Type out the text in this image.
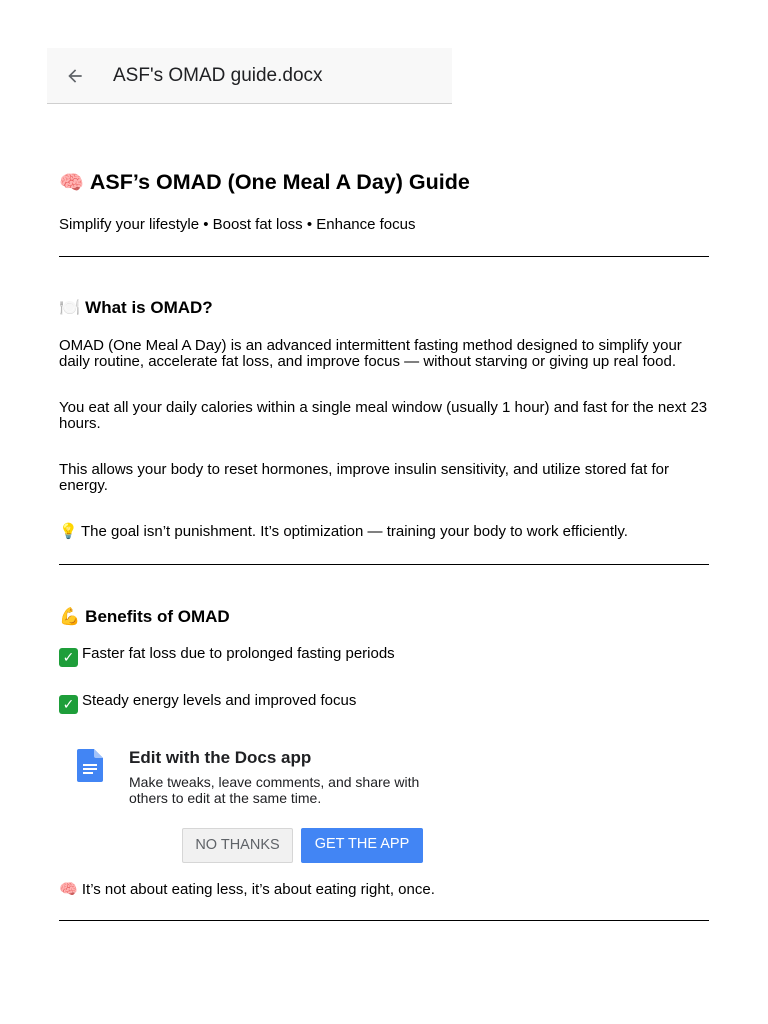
ASF's OMAD guide.docx
🧠 ASF’s OMAD (One Meal A Day) Guide
Simplify your lifestyle • Boost fat loss • Enhance focus
🍽️ What is OMAD?
OMAD (One Meal A Day) is an advanced intermittent fasting method designed to simplify your daily routine, accelerate fat loss, and improve focus — without starving or giving up real food.
You eat all your daily calories within a single meal window (usually 1 hour) and fast for the next 23 hours.
This allows your body to reset hormones, improve insulin sensitivity, and utilize stored fat for energy.
💡 The goal isn’t punishment. It’s optimization — training your body to work efficiently.
💪 Benefits of OMAD
✓ Faster fat loss due to prolonged fasting periods
✓ Steady energy levels and improved focus
🧠 It’s not about eating less, it’s about eating right, once.
Edit with the Docs app
Make tweaks, leave comments, and share with others to edit at the same time.
NO THANKS	GET THE APP
